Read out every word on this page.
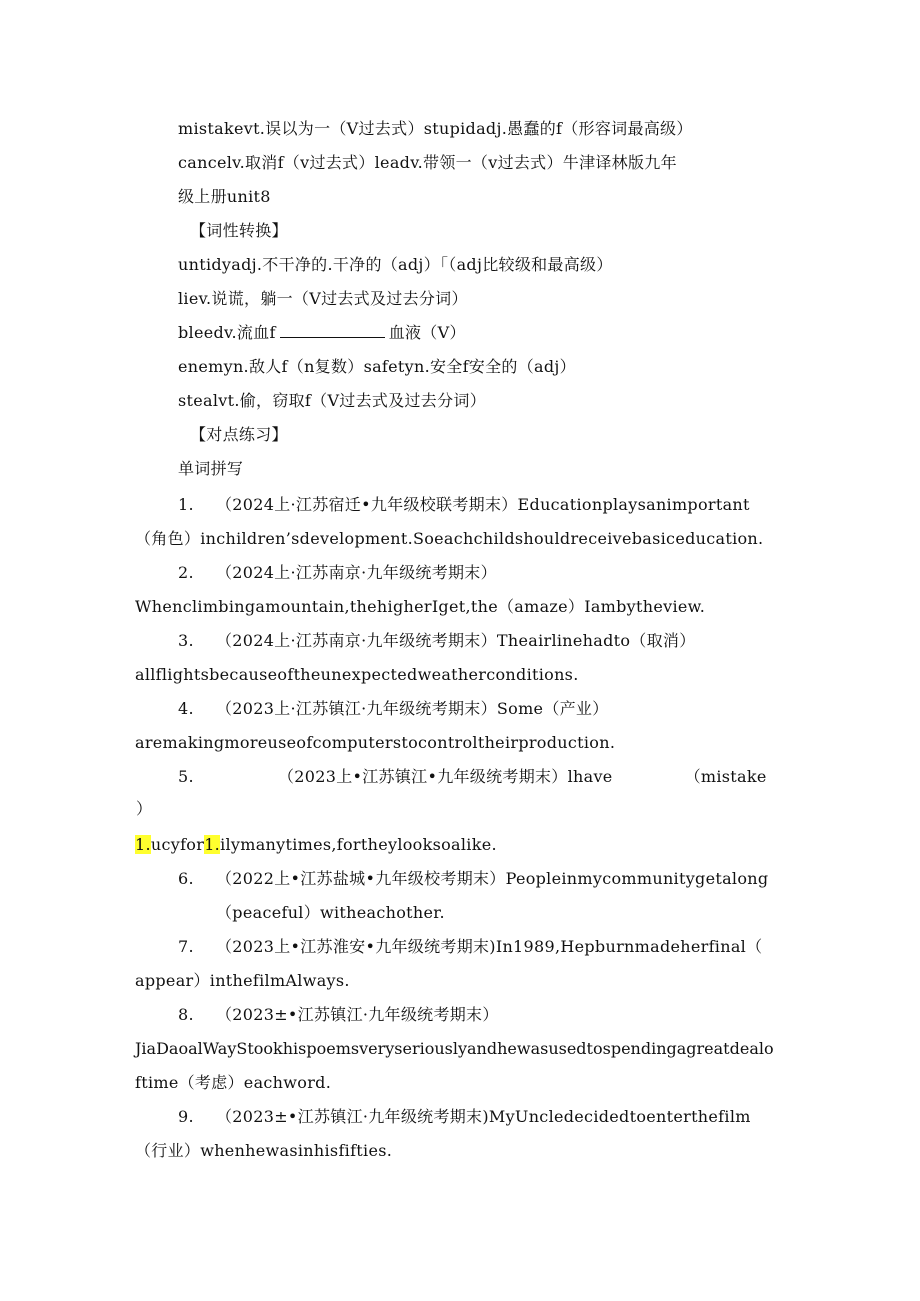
mistakevt.误以为一（V过去式）stupidadj.愚蠢的f（形容词最高级）
cancelv.取消f（v过去式）leadv.带领一（v过去式）牛津译林版九年
级上册unit8
【词性转换】
untidyadj.不干净的.干净的（adj）「（adj比较级和最高级）
liev.说谎，躺一（V过去式及过去分词）
bleedv.流血f	血液（V）
enemyn.敌人f（n复数）safetyn.安全f安全的（adj）
stealvt.偷，窃取f（V过去式及过去分词）
【对点练习】
单词拼写
1. （2024上·江苏宿迁•九年级校联考期末）Educationplaysanimportant
（角色）inchildren’sdevelopment.Soeachchildshouldreceivebasiceducation.
2. （2024上·江苏南京·九年级统考期末）
Whenclimbingamountain,thehigherIget,the（amaze）Iambytheview.
3. （2024上·江苏南京·九年级统考期末）Theairlinehadto（取消）
allflightsbecauseoftheunexpectedweatherconditions.
4. （2023上·江苏镇江·九年级统考期末）Some（产业）
aremakingmoreuseofcomputerstocontroltheirproduction.
5.	（2023上•江苏镇江•九年级统考期末）lhave	（mistake
）
1.ucyfor1.ilymanytimes,fortheylooksoalike.
6. （2022上•江苏盐城•九年级校考期末）Peopleinmycommunitygetalong
（peaceful）witheachother.
7. （2023上•江苏淮安•九年级统考期末)In1989,Hepburnmadeherfinal（
appear）inthefilmAlways.
8. （2023±•江苏镇江·九年级统考期末）
JiaDaoalWayStookhispoemsveryseriouslyandhewasusedtospendingagreatdealo
ftime（考虑）eachword.
9. （2023±•江苏镇江·九年级统考期末)MyUncledecidedtoenterthefilm
（行业）whenhewasinhisfifties.
